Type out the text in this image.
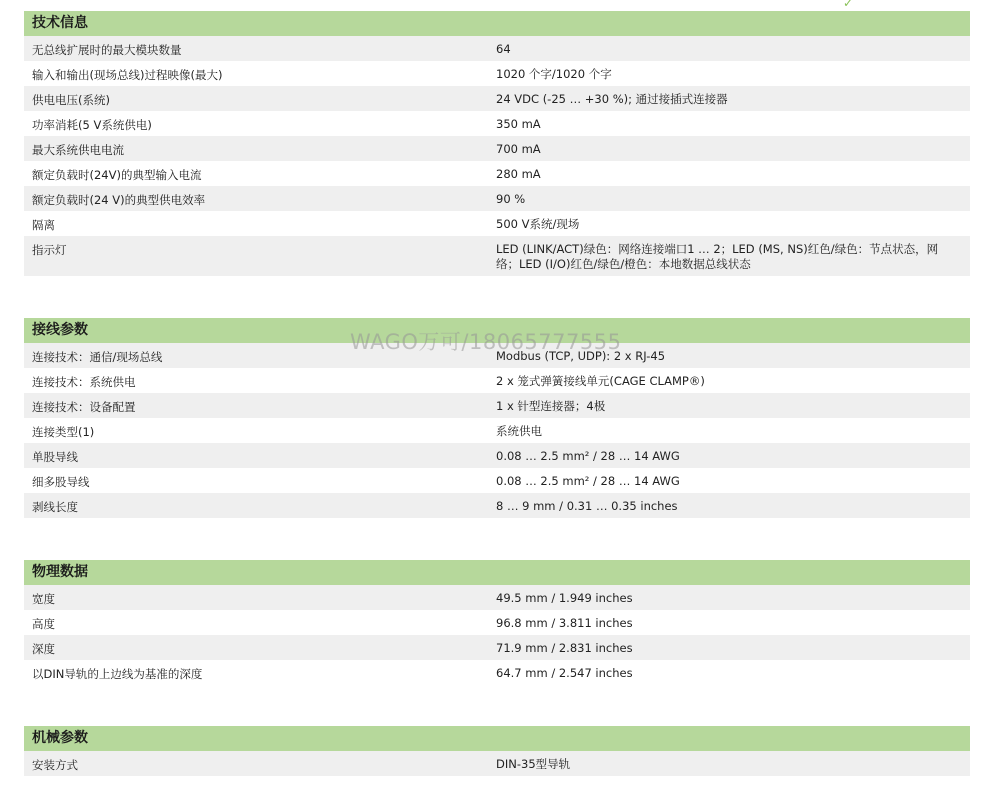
✓
技术信息
无总线扩展时的最大模块数量	64
输入和输出(现场总线)过程映像(最大)	1020 个字/1020 个字
供电电压(系统)	24 VDC (-25 … +30 %); 通过接插式连接器
功率消耗(5 V系统供电)	350 mA
最大系统供电电流	700 mA
额定负载时(24V)的典型输入电流	280 mA
额定负载时(24 V)的典型供电效率	90 %
隔离	500 V系统/现场
指示灯	LED (LINK/ACT)绿色：网络连接端口1 … 2；LED (MS, NS)红色/绿色：节点状态，网络；LED (I/O)红色/绿色/橙色：本地数据总线状态
接线参数
连接技术：通信/现场总线	Modbus (TCP, UDP): 2 x RJ-45
连接技术：系统供电	2 x 笼式弹簧接线单元(CAGE CLAMP®)
连接技术：设备配置	1 x 针型连接器；4极
连接类型(1)	系统供电
单股导线	0.08 … 2.5 mm² / 28 … 14 AWG
细多股导线	0.08 … 2.5 mm² / 28 … 14 AWG
剥线长度	8 … 9 mm / 0.31 … 0.35 inches
物理数据
宽度	49.5 mm / 1.949 inches
高度	96.8 mm / 3.811 inches
深度	71.9 mm / 2.831 inches
以DIN导轨的上边线为基准的深度	64.7 mm / 2.547 inches
机械参数
安装方式	DIN-35型导轨
WAGO万可/18065777555
